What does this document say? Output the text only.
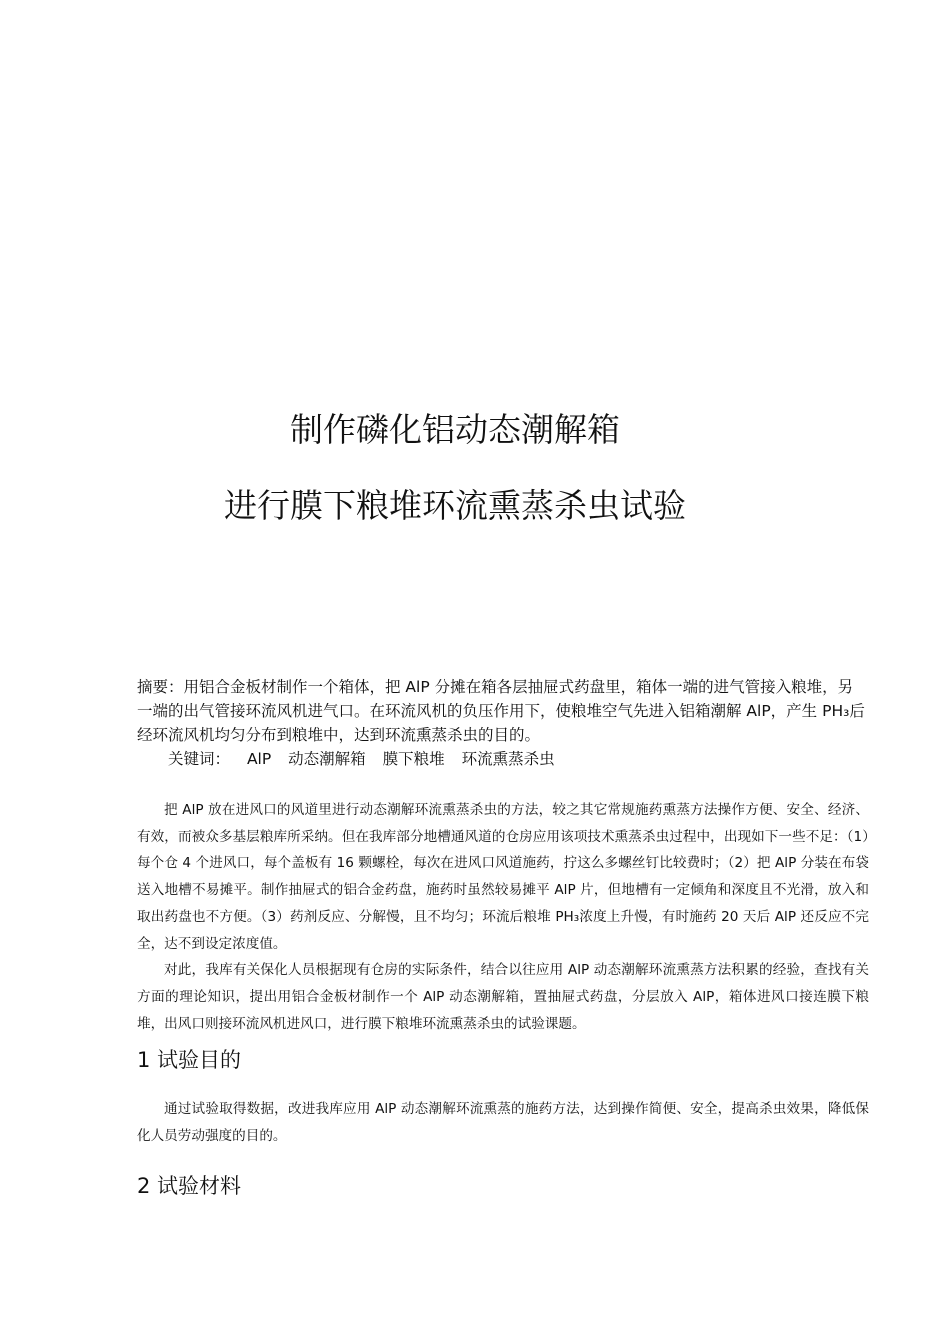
制作磷化铝动态潮解箱
进行膜下粮堆环流熏蒸杀虫试验

摘要：用铝合金板材制作一个箱体，把 AlP 分摊在箱各层抽屉式药盘里，箱体一端的进气管接入粮堆，另一端的出气管接环流风机进气口。在环流风机的负压作用下，使粮堆空气先进入铝箱潮解 AlP，产生 PH₃后经环流风机均匀分布到粮堆中，达到环流熏蒸杀虫的目的。

关键词： AlP 动态潮解箱 膜下粮堆 环流熏蒸杀虫

把 AlP 放在进风口的风道里进行动态潮解环流熏蒸杀虫的方法，较之其它常规施药熏蒸方法操作方便、安全、经济、有效，而被众多基层粮库所采纳。但在我库部分地槽通风道的仓房应用该项技术熏蒸杀虫过程中，出现如下一些不足：（1）每个仓 4 个进风口，每个盖板有 16 颗螺栓，每次在进风口风道施药，拧这么多螺丝钉比较费时；（2）把 AlP 分装在布袋送入地槽不易摊平。制作抽屉式的铝合金药盘，施药时虽然较易摊平 AlP 片，但地槽有一定倾角和深度且不光滑，放入和取出药盘也不方便。（3）药剂反应、分解慢，且不均匀；环流后粮堆 PH₃浓度上升慢，有时施药 20 天后 AlP 还反应不完全，达不到设定浓度值。

对此，我库有关保化人员根据现有仓房的实际条件，结合以往应用 AlP 动态潮解环流熏蒸方法积累的经验，查找有关方面的理论知识，提出用铝合金板材制作一个 AlP 动态潮解箱，置抽屉式药盘，分层放入 AlP，箱体进风口接连膜下粮堆，出风口则接环流风机进风口，进行膜下粮堆环流熏蒸杀虫的试验课题。

1 试验目的

通过试验取得数据，改进我库应用 AlP 动态潮解环流熏蒸的施药方法，达到操作简便、安全，提高杀虫效果，降低保化人员劳动强度的目的。

2 试验材料
